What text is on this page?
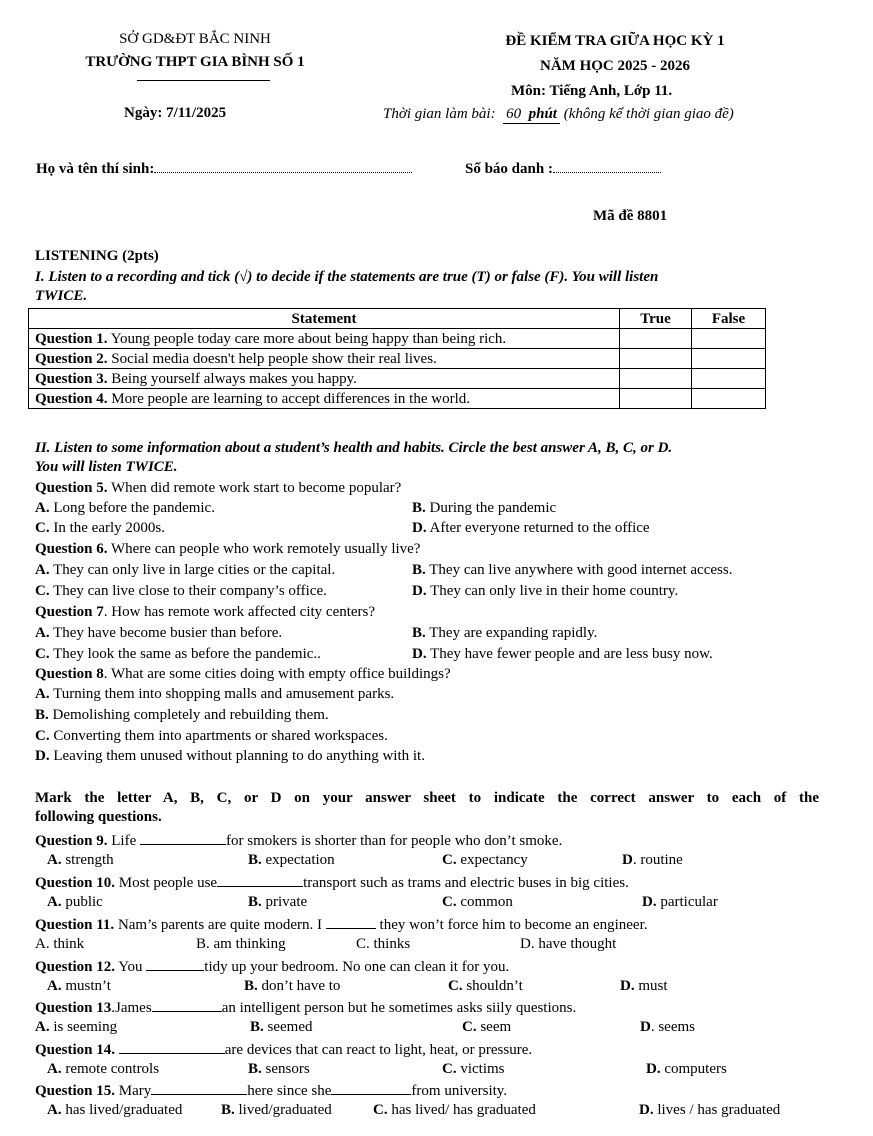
SỞ GD&ĐT BẮC NINH
TRƯỜNG THPT GIA BÌNH SỐ 1
Ngày: 7/11/2025
ĐỀ KIỂM TRA GIỮA HỌC KỲ 1
NĂM HỌC 2025 - 2026
Môn: Tiếng Anh, Lớp 11.
Thời gian làm bài: 60 phút (không kể thời gian giao đề)
Họ và tên thí sinh:	Số báo danh :
Mã đề 8801
LISTENING (2pts)
I. Listen to a recording and tick (√) to decide if the statements are true (T) or false (F). You will listen
TWICE.
Statement	True	False
Question 1. Young people today care more about being happy than being rich.		
Question 2. Social media doesn't help people show their real lives.		
Question 3. Being yourself always makes you happy.		
Question 4. More people are learning to accept differences in the world.		
II. Listen to some information about a student’s health and habits. Circle the best answer A, B, C, or D.
You will listen TWICE.
Question 5. When did remote work start to become popular?
A. Long before the pandemic.	B. During the pandemic
C. In the early 2000s.	D. After everyone returned to the office
Question 6. Where can people who work remotely usually live?
A. They can only live in large cities or the capital.	B. They can live anywhere with good internet access.
C. They can live close to their company’s office.	D. They can only live in their home country.
Question 7. How has remote work affected city centers?
A. They have become busier than before.	B. They are expanding rapidly.
C. They look the same as before the pandemic..	D. They have fewer people and are less busy now.
Question 8. What are some cities doing with empty office buildings?
A. Turning them into shopping malls and amusement parks.
B. Demolishing completely and rebuilding them.
C. Converting them into apartments or shared workspaces.
D. Leaving them unused without planning to do anything with it.
Mark the letter A, B, C, or D on your answer sheet to indicate the correct answer to each of the
following questions.
Question 9. Life	for smokers is shorter than for people who don’t smoke.
A. strength	B. expectation	C. expectancy	D. routine
Question 10. Most people use	transport such as trams and electric buses in big cities.
A. public	B. private	C. common	D. particular
Question 11. Nam’s parents are quite modern. I	they won’t force him to become an engineer.
A. think	B. am thinking	C. thinks	D. have thought
Question 12. You	tidy up your bedroom. No one can clean it for you.
A. mustn’t	B. don’t have to	C. shouldn’t	D. must
Question 13.James	an intelligent person but he sometimes asks siily questions.
A. is seeming	B. seemed	C. seem	D. seems
Question 14.	are devices that can react to light, heat, or pressure.
A. remote controls	B. sensors	C. victims	D. computers
Question 15. Mary	here since she	from university.
A. has lived/graduated	B. lived/graduated	C. has lived/ has graduated	D. lives / has graduated
